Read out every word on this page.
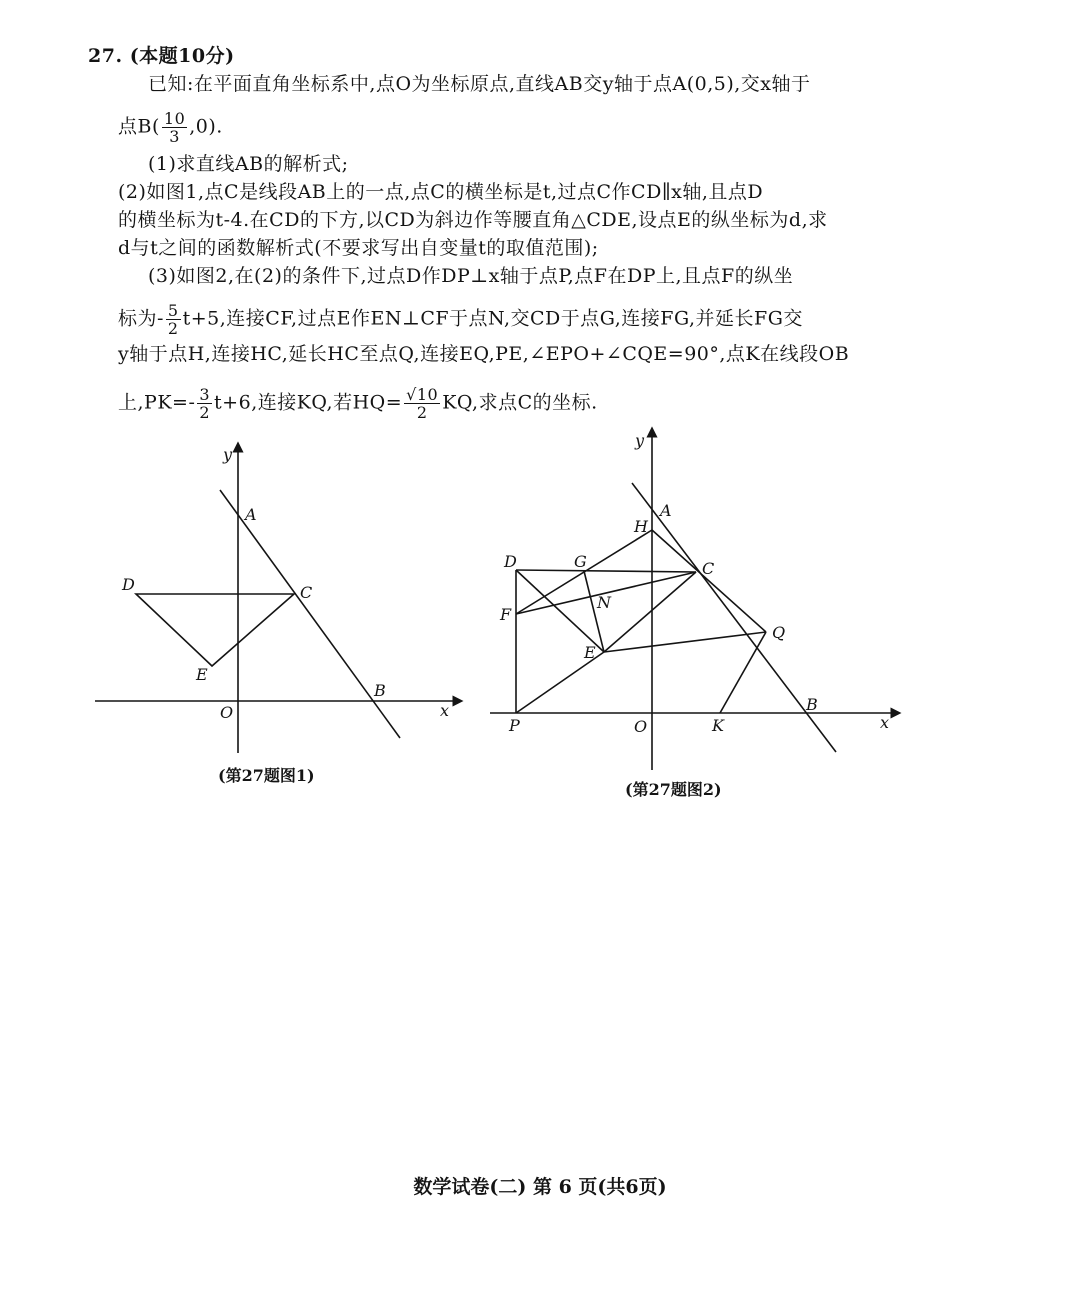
27. (本题10分)
已知:在平面直角坐标系中,点O为坐标原点,直线AB交y轴于点A(0,5),交x轴于
点$B( \frac{10}{3} ,0)$.
(1)求直线AB的解析式;
(2)如图1,点C是线段AB上的一点,点C的横坐标是t,过点C作CD∥x轴,且点D
的横坐标为t-4.在CD的下方,以CD为斜边作等腰直角△CDE,设点E的纵坐标为d,求
d与t之间的函数解析式(不要求写出自变量t的取值范围);
(3)如图2,在(2)的条件下,过点D作DP⊥x轴于点P,点F在DP上,且点F的纵坐
标为- $\frac{5}{2} t+5$,连接CF,过点E作EN⊥CF于点N,交CD于点G,连接FG,并延长FG交
y轴于点H,连接HC,延长HC至点Q,连接EQ,PE,∠EPO+∠CQE=90°,点K在线段OB
上$,PK=- \frac{3}{2} t+6$,连接KQ,若$HQ= \frac{√10}{2}$ KQ,求点C的坐标.
y
x
O
A
B
C
D
E
(第27题图1)
y
x
O
A
H
B
C
D	G
N
F
E
Q
P	K
(第27题图2)
数学试卷(二) 第 6 页(共6页)
